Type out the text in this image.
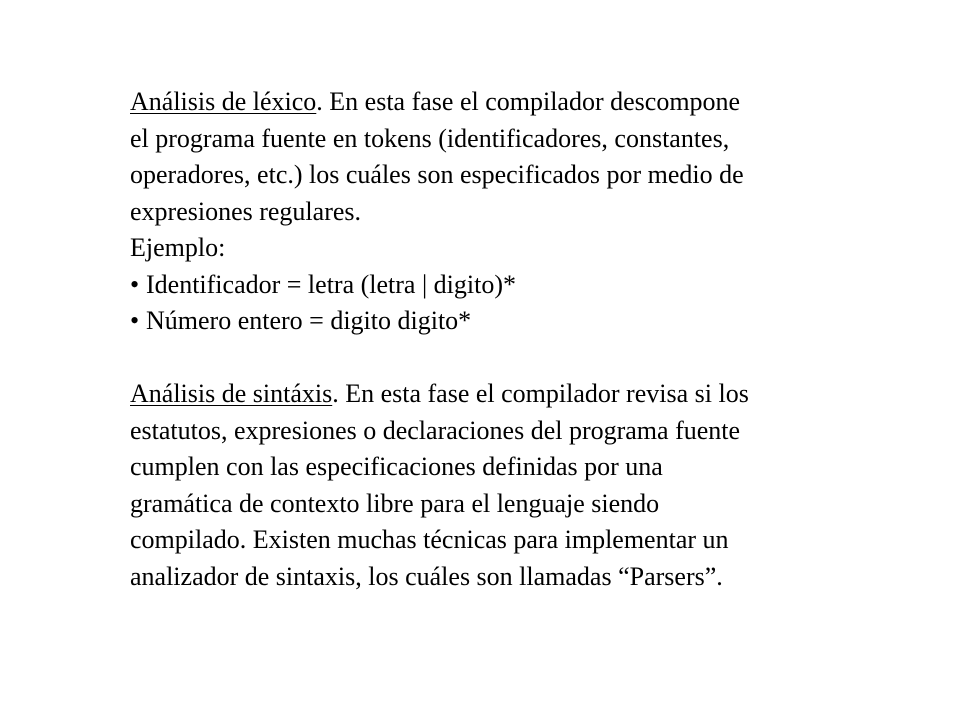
Análisis de léxico. En esta fase el compilador descompone
el programa fuente en tokens (identificadores, constantes,
operadores, etc.) los cuáles son especificados por medio de
expresiones regulares.
Ejemplo:
• Identificador = letra (letra | digito)*
• Número entero = digito digito*
Análisis de sintáxis. En esta fase el compilador revisa si los
estatutos, expresiones o declaraciones del programa fuente
cumplen con las especificaciones definidas por una
gramática de contexto libre para el lenguaje siendo
compilado. Existen muchas técnicas para implementar un
analizador de sintaxis, los cuáles son llamadas “Parsers”.
